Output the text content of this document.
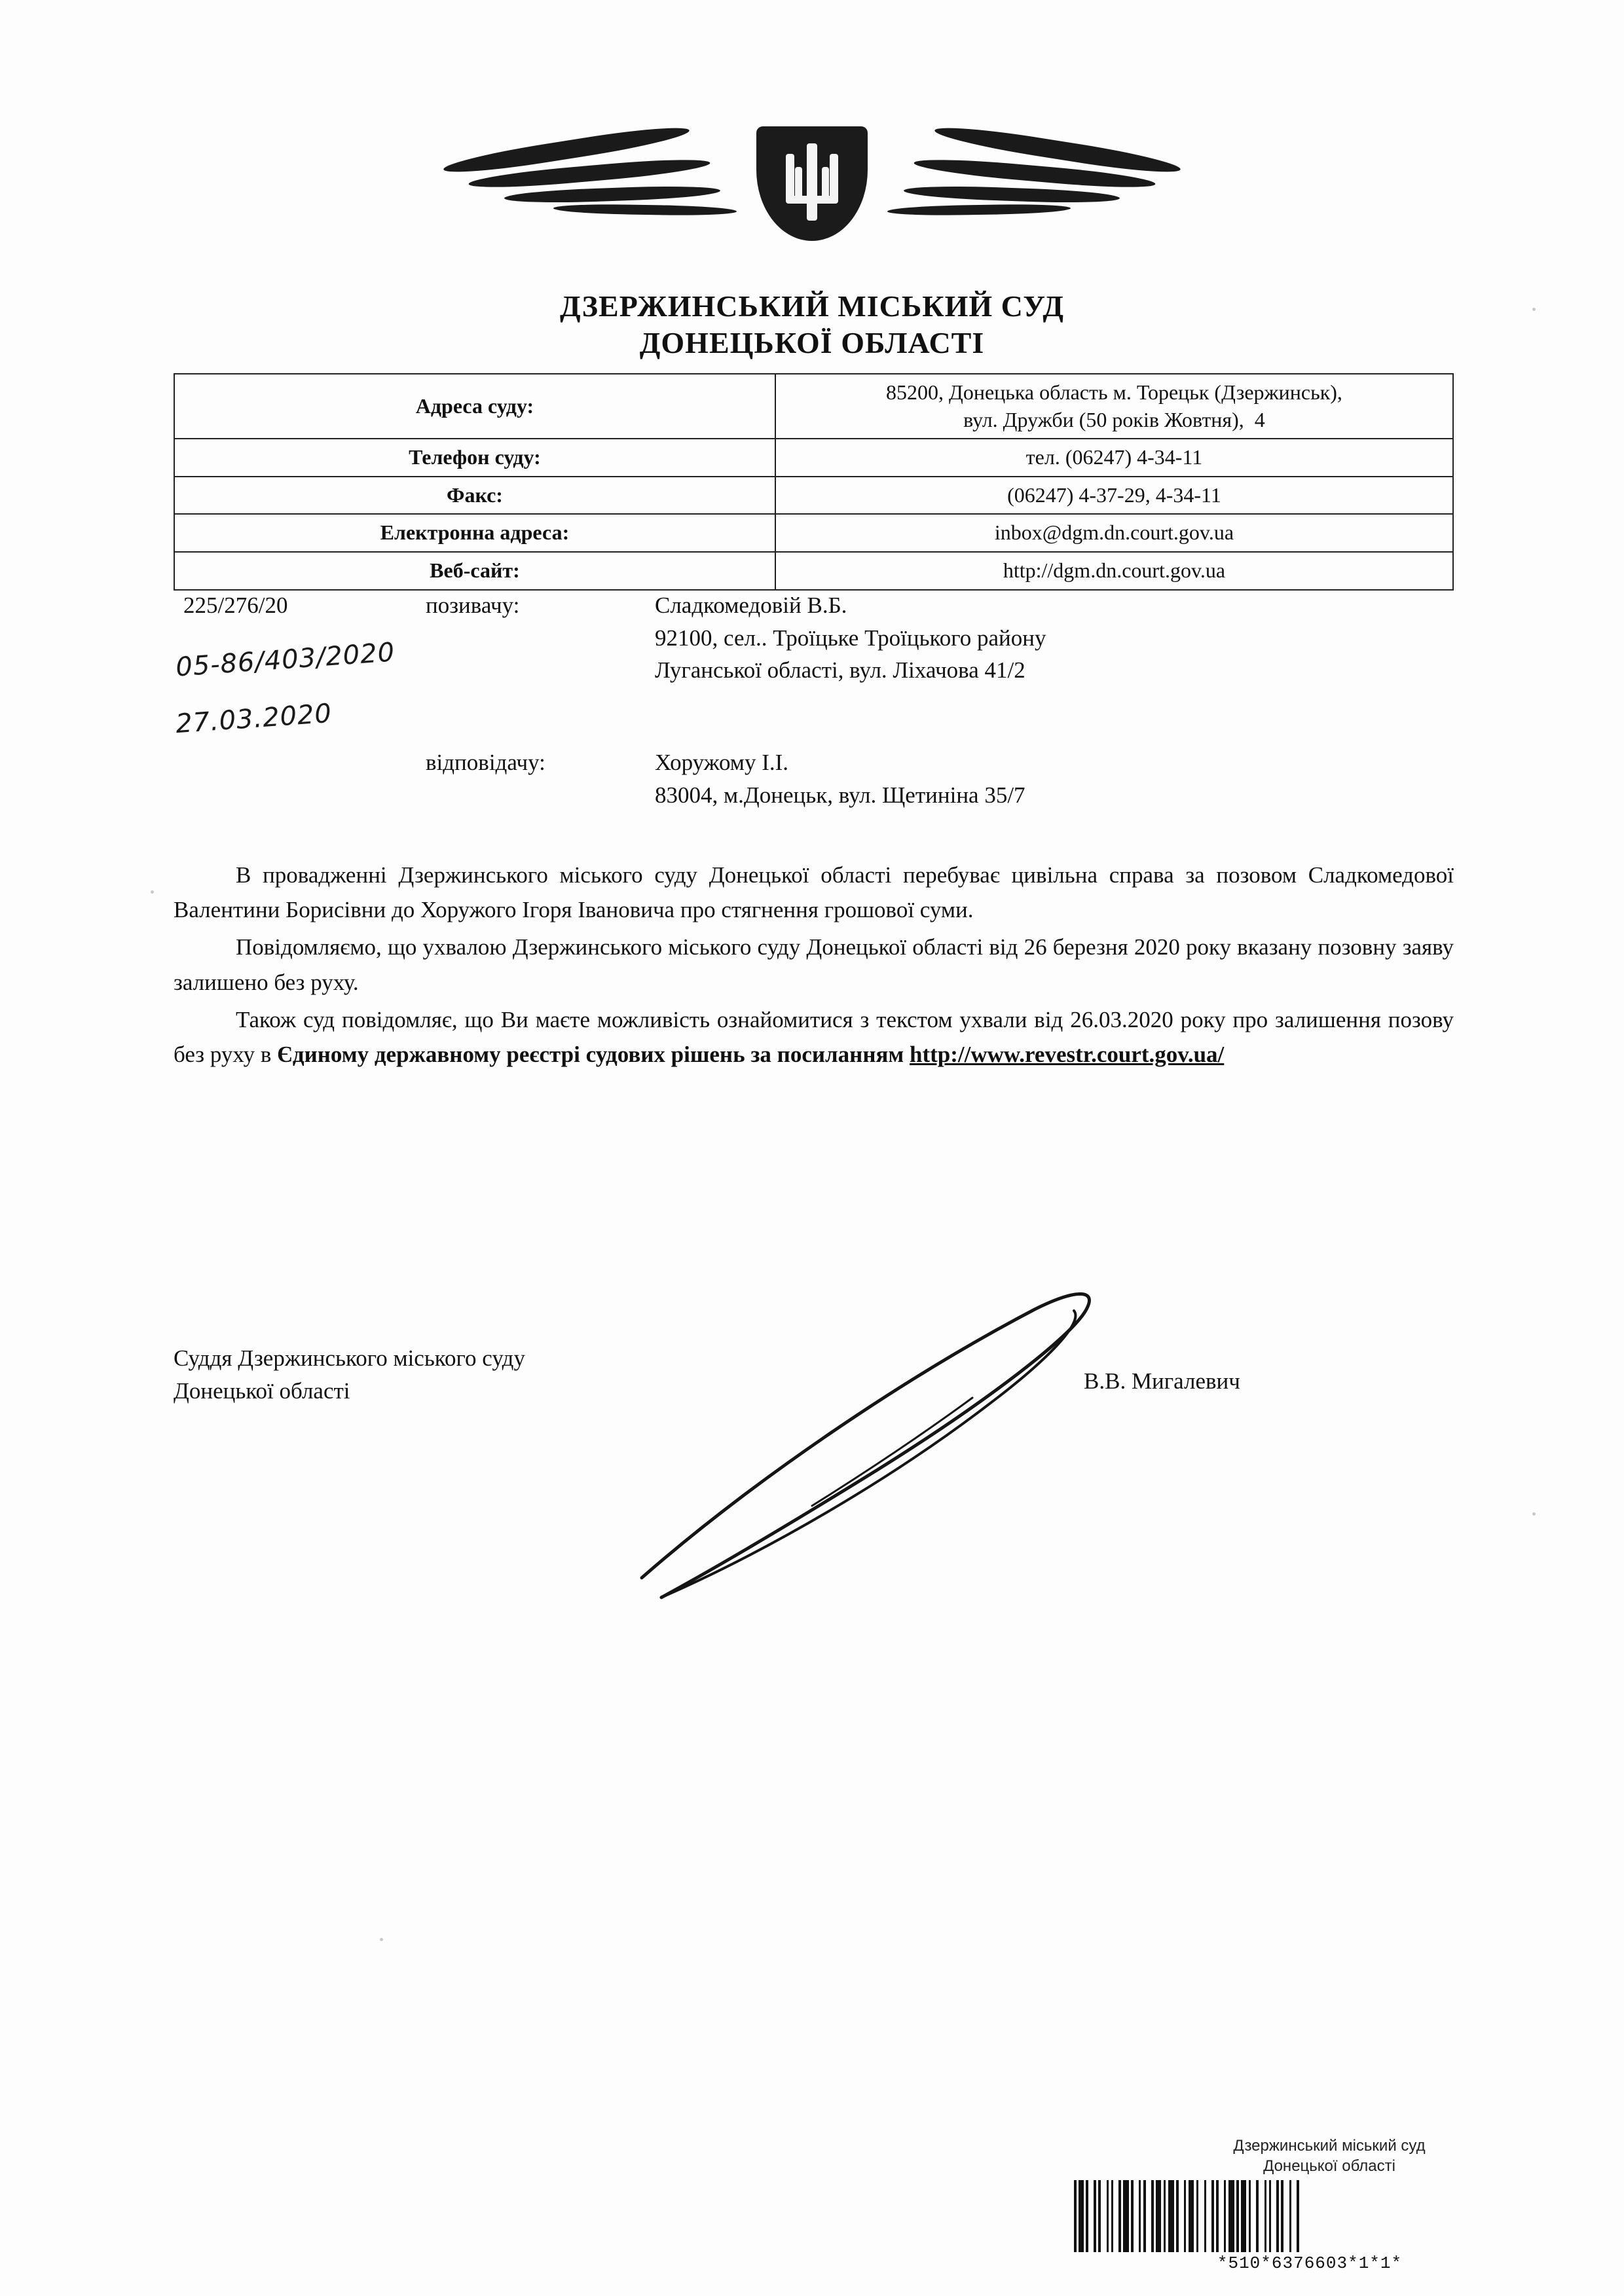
ДЗЕРЖИНСЬКИЙ МІСЬКИЙ СУД
ДОНЕЦЬКОЇ ОБЛАСТІ
Адреса суду:	85200, Донецька область м. Торецьк (Дзержинськ),
вул. Дружби (50 років Жовтня),  4
Телефон суду:	тел. (06247) 4-34-11
Факс:	(06247) 4-37-29, 4-34-11
Електронна адреса:	inbox@dgm.dn.court.gov.ua
Веб-сайт:	http://dgm.dn.court.gov.ua
225/276/20
05-86/403/2020
27.03.2020
позивачу:	Сладкомедовій В.Б.
92100, сел.. Троїцьке Троїцького району
Луганської області, вул. Ліхачова 41/2
відповідачу:	Хоружому І.І.
83004, м.Донецьк, вул. Щетиніна 35/7

В провадженні Дзержинського міського суду Донецької області перебуває цивільна справа за позовом Сладкомедової Валентини Борисівни до Хоружого Ігоря Івановича про стягнення грошової суми.

Повідомляємо, що ухвалою Дзержинського міського суду Донецької області від 26 березня 2020 року вказану позовну заяву залишено без руху.

Також суд повідомляє, що Ви маєте можливість ознайомитися з текстом ухвали від 26.03.2020 року про залишення позову без руху в Єдиному державному реєстрі судових рішень за посиланням http://www.revestr.court.gov.ua/

Суддя Дзержинського міського суду
Донецької області	В.В. Мигалевич
Дзержинський міський суд
Донецької області
*510*6376603*1*1*
